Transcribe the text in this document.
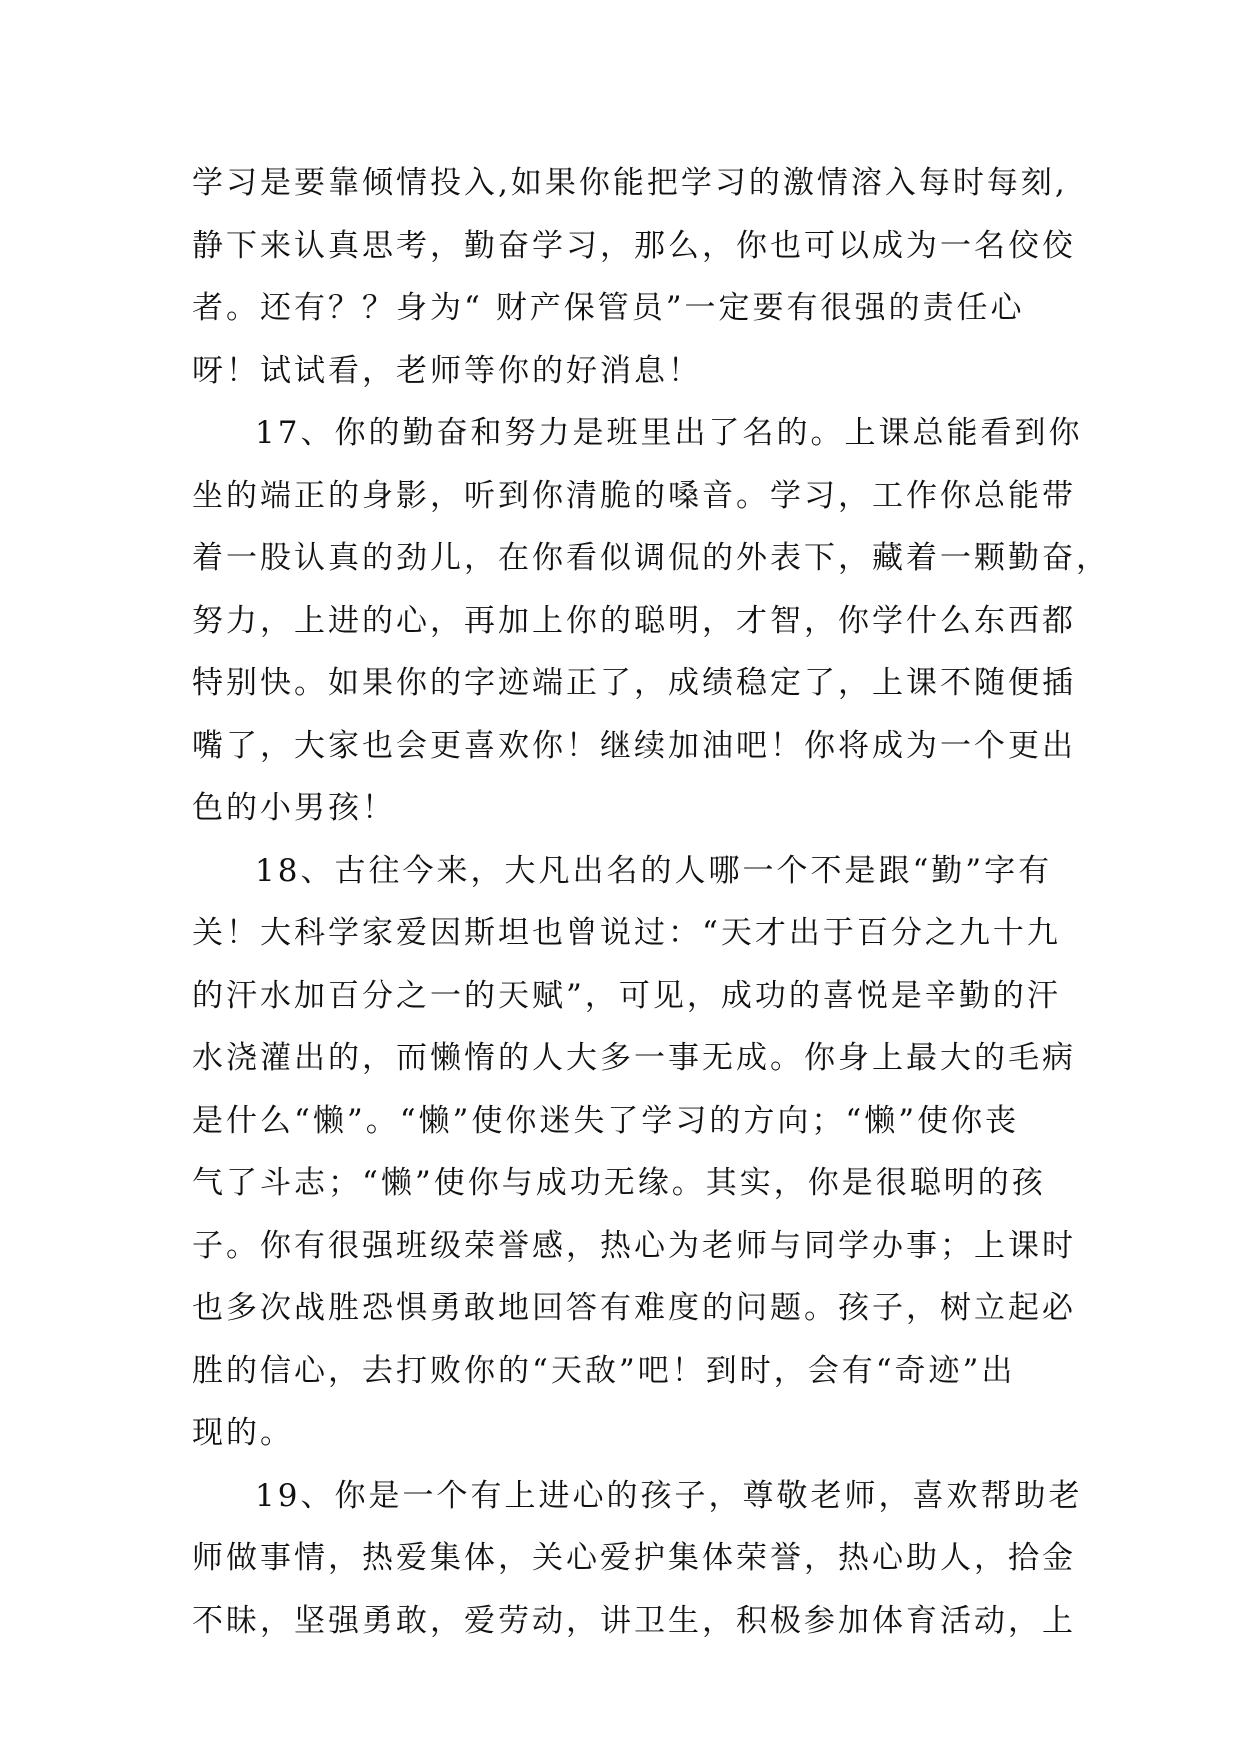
学习是要靠倾情投入,如果你能把学习的激情溶入每时每刻,
静下来认真思考，勤奋学习，那么，你也可以成为一名佼佼
者。还有？？身为“ 财产保管员”一定要有很强的责任心
呀！试试看，老师等你的好消息！
17、你的勤奋和努力是班里出了名的。上课总能看到你
坐的端正的身影，听到你清脆的嗓音。学习，工作你总能带
着一股认真的劲儿，在你看似调侃的外表下，藏着一颗勤奋，
努力，上进的心，再加上你的聪明，才智，你学什么东西都
特别快。如果你的字迹端正了，成绩稳定了，上课不随便插
嘴了，大家也会更喜欢你！继续加油吧！你将成为一个更出
色的小男孩！
18、古往今来，大凡出名的人哪一个不是跟“勤”字有
关！大科学家爱因斯坦也曾说过：“天才出于百分之九十九
的汗水加百分之一的天赋”，可见，成功的喜悦是辛勤的汗
水浇灌出的，而懒惰的人大多一事无成。你身上最大的毛病
是什么“懒”。“懒”使你迷失了学习的方向；“懒”使你丧
气了斗志；“懒”使你与成功无缘。其实，你是很聪明的孩
子。你有很强班级荣誉感，热心为老师与同学办事；上课时
也多次战胜恐惧勇敢地回答有难度的问题。孩子，树立起必
胜的信心，去打败你的“天敌”吧！到时，会有“奇迹”出
现的。
19、你是一个有上进心的孩子，尊敬老师，喜欢帮助老
师做事情，热爱集体，关心爱护集体荣誉，热心助人，拾金
不昧，坚强勇敢，爱劳动，讲卫生，积极参加体育活动，上
